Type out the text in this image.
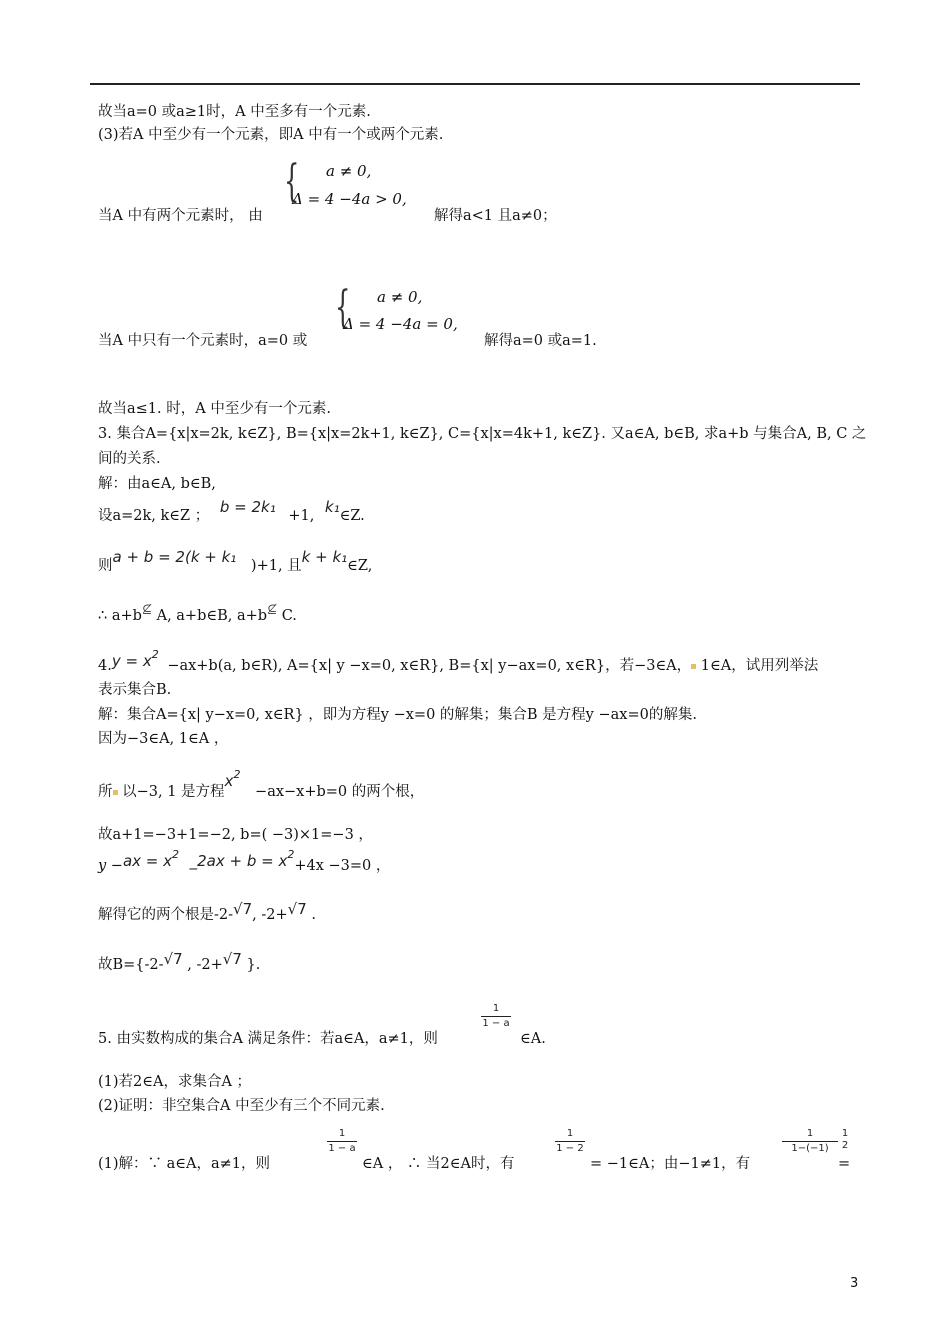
故当a=0 或a≥1时，A 中至多有一个元素.
(3)若A 中至少有一个元素，即A 中有一个或两个元素.
{ a ≠ 0,
Δ = 4 −4a > 0,
当A 中有两个元素时， 由	解得a<1 且a≠0；
{ a ≠ 0,
Δ = 4 −4a = 0,
当A 中只有一个元素时，a=0 或	解得a=0 或a=1.
故当a≤1. 时，A 中至少有一个元素.
3. 集合A={x|x=2k, k∈Z}, B={x|x=2k+1, k∈Z}, C={x|x=4k+1, k∈Z}. 又a∈A, b∈B, 求a+b 与集合A, B, C 之
间的关系.
解：由a∈A, b∈B,
设a=2k, k∈Z ； b = 2k₁ +1, k₁∈Z.
则a + b = 2(k + k₁ )+1, 且k + k₁∈Z,
∴ a+b⊈ A, a+b∈B, a+b⊈ C.
$4.y = x^2 -ax+b(a$, b∈R), A={x| y −x=0, x∈R}, B={x| y−ax=0, x∈R}，若−3∈A， 1∈A，试用列举法
表示集合B.
解：集合A={x| y−x=0, x∈R} ，即为方程y −x=0 的解集；集合B 是方程y −ax=0的解集.
因为−3∈A, 1∈A ，
所 以−3, 1 是方程$x^2 -ax-x+b=0$ 的两个根，
故a+1=−3+1=−2, b=( −3)×1=−3 ，
$y -ax = x^2$ _2ax + $b = x^2+4x -3=0$ ，
解得它的两个根是-2-√7, -2+√7 .
故B={-2-√7 , -2+√7 }.
5. 由实数构成的集合A 满足条件：若a∈A，a≠1，则
1
1 − a
∈A.
(1)若2∈A，求集合A ；
(2)证明：非空集合A 中至少有三个不同元素.
(1)解：∵ a∈A，a≠1，则
1
1 − a
∈A ， ∴ 当2∈A时，有
1
1 − 2
= −1∈A；由−1≠1，有
1
1−(−1)
1
2
=
3
